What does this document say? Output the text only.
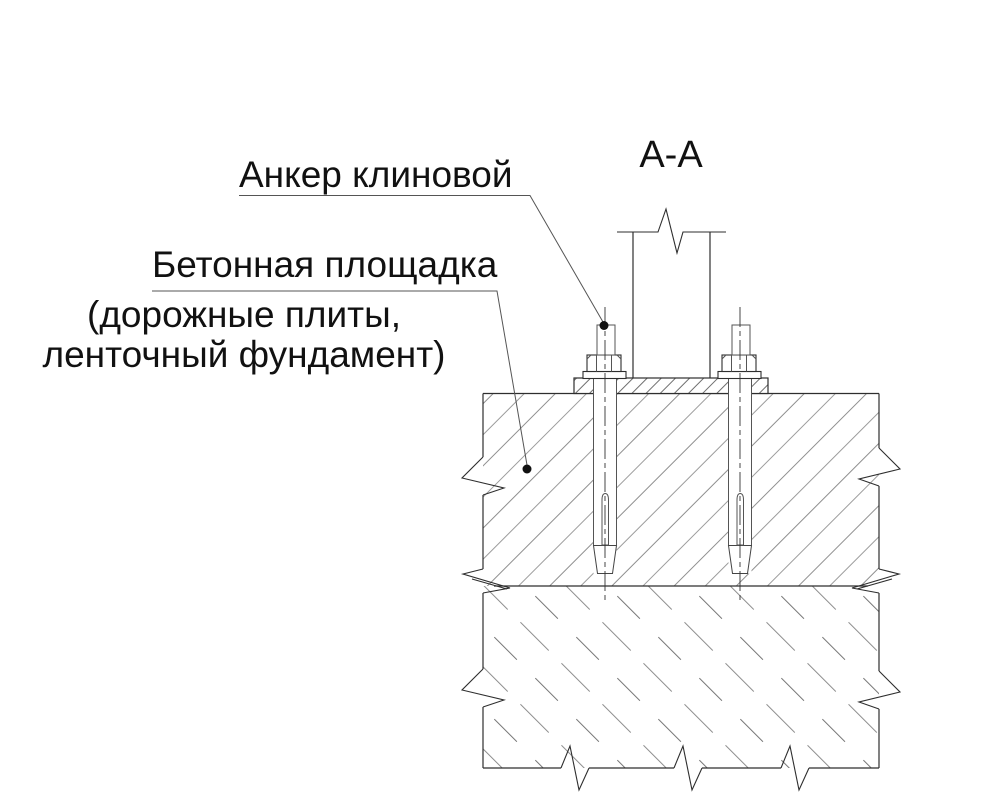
А-А
Анкер клиновой
Бетонная площадка
(дорожные плиты,
ленточный фундамент)
